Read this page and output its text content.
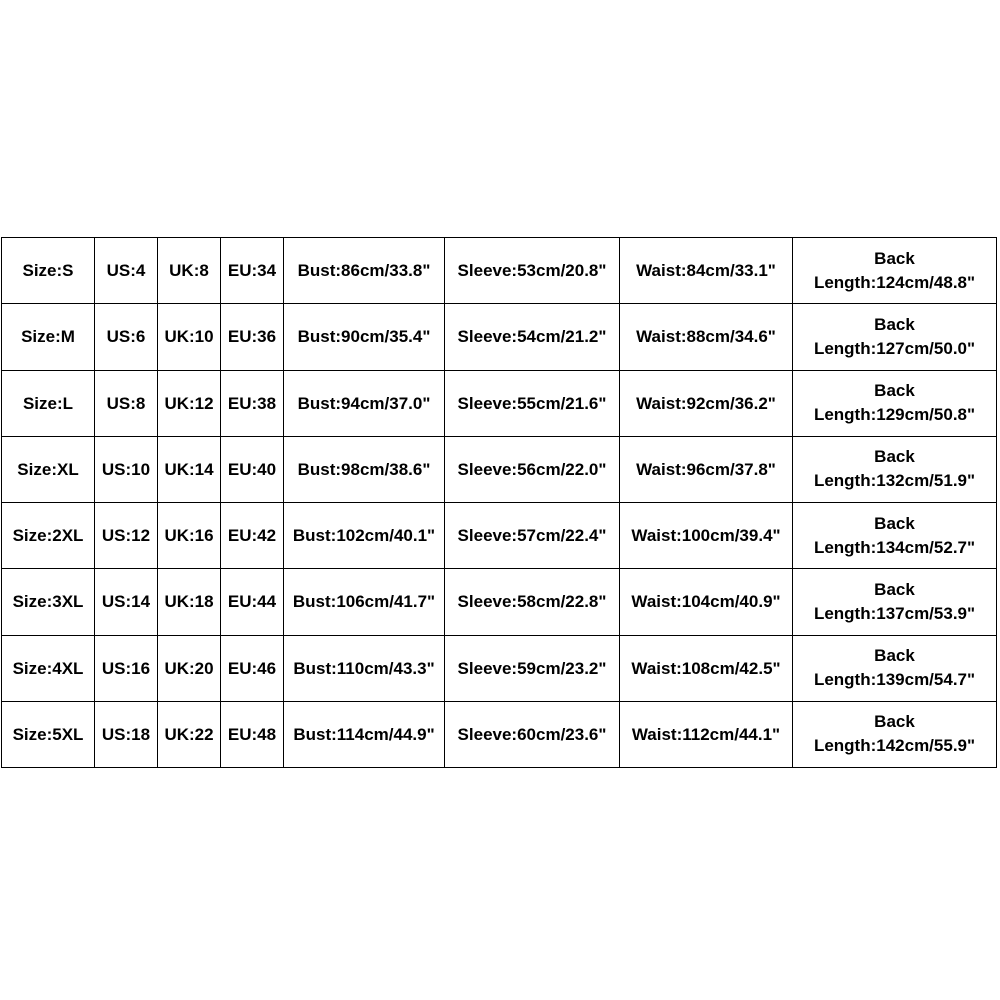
Size:S	US:4	UK:8	EU:34	Bust:86cm/33.8"	Sleeve:53cm/20.8"	Waist:84cm/33.1"	Back
Length:124cm/48.8"

Size:M	US:6	UK:10	EU:36	Bust:90cm/35.4"	Sleeve:54cm/21.2"	Waist:88cm/34.6"	Back
Length:127cm/50.0"

Size:L	US:8	UK:12	EU:38	Bust:94cm/37.0"	Sleeve:55cm/21.6"	Waist:92cm/36.2"	Back
Length:129cm/50.8"

Size:XL	US:10	UK:14	EU:40	Bust:98cm/38.6"	Sleeve:56cm/22.0"	Waist:96cm/37.8"	Back
Length:132cm/51.9"

Size:2XL	US:12	UK:16	EU:42	Bust:102cm/40.1"	Sleeve:57cm/22.4"	Waist:100cm/39.4"	Back
Length:134cm/52.7"

Size:3XL	US:14	UK:18	EU:44	Bust:106cm/41.7"	Sleeve:58cm/22.8"	Waist:104cm/40.9"	Back
Length:137cm/53.9"

Size:4XL	US:16	UK:20	EU:46	Bust:110cm/43.3"	Sleeve:59cm/23.2"	Waist:108cm/42.5"	Back
Length:139cm/54.7"

Size:5XL	US:18	UK:22	EU:48	Bust:114cm/44.9"	Sleeve:60cm/23.6"	Waist:112cm/44.1"	Back
Length:142cm/55.9"
